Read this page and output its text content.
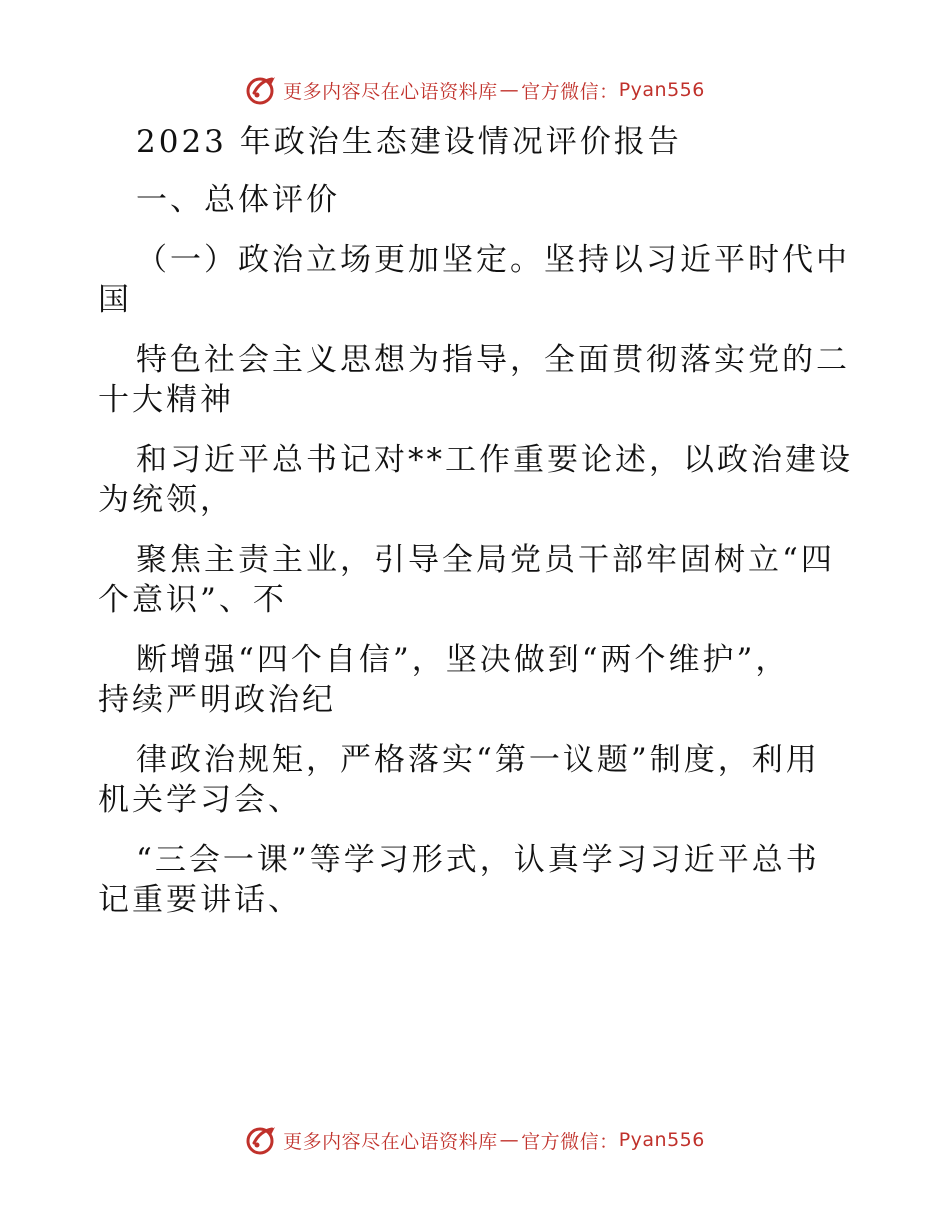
更多内容尽在心语资料库 — 官方微信： Pyan556

2023 年政治生态建设情况评价报告

一、总体评价

（一）政治立场更加坚定。坚持以习近平时代中

国

特色社会主义思想为指导，全面贯彻落实党的二

十大精神

和习近平总书记对**工作重要论述，以政治建设

为统领，

聚焦主责主业，引导全局党员干部牢固树立“四

个意识”、不

断增强“四个自信”，坚决做到“两个维护”，

持续严明政治纪

律政治规矩，严格落实“第一议题”制度，利用

机关学习会、

“三会一课”等学习形式，认真学习习近平总书

记重要讲话、

更多内容尽在心语资料库 — 官方微信： Pyan556
